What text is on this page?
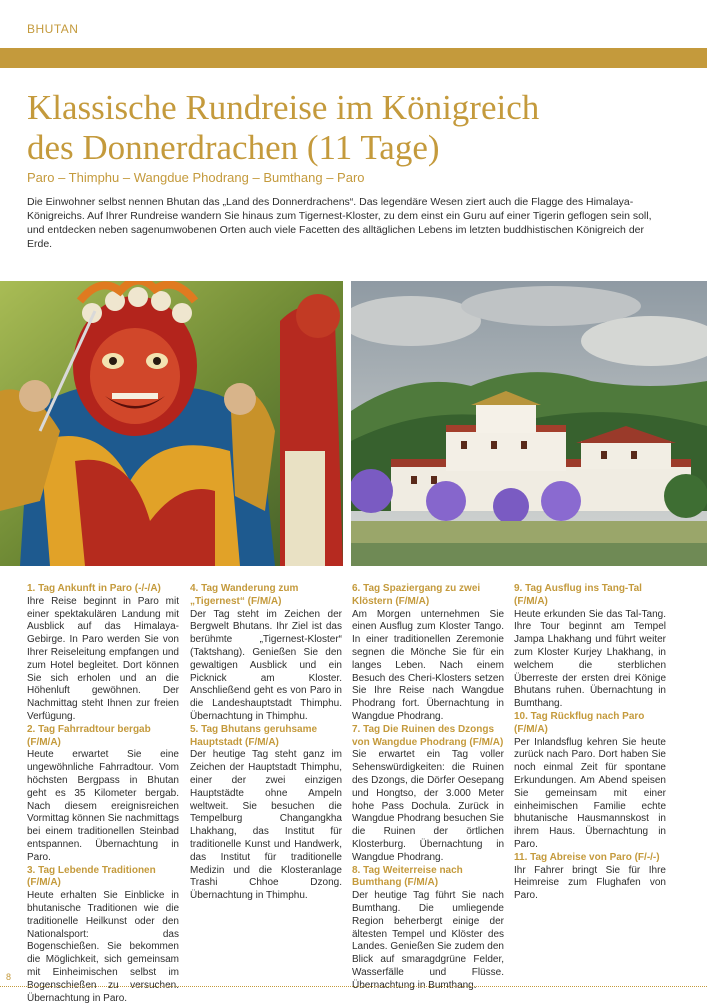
BHUTAN
Klassische Rundreise im Königreich
des Donnerdrachen (11 Tage)
Paro – Thimphu – Wangdue Phodrang – Bumthang – Paro

Die Einwohner selbst nennen Bhutan das „Land des Donnerdrachens“. Das legendäre Wesen ziert auch die Flagge des Himalaya-Königreichs. Auf Ihrer Rundreise wandern Sie hinaus zum Tigernest-Kloster, zu dem einst ein Guru auf einer Tigerin geflogen sein soll, und entdecken neben sagenumwobenen Orten auch viele Facetten des alltäglichen Lebens im letzten buddhistischen Königreich der Erde.

1. Tag Ankunft in Paro (-/-/A)
Ihre Reise beginnt in Paro mit einer spektakulären Landung mit Ausblick auf das Himalaya-Gebirge. In Paro werden Sie von Ihrer Reiseleitung empfangen und zum Hotel begleitet. Dort können Sie sich erholen und an die Höhenluft gewöhnen. Der Nachmittag steht Ihnen zur freien Verfügung.
2. Tag Fahrradtour bergab (F/M/A)
Heute erwartet Sie eine ungewöhnliche Fahrradtour. Vom höchsten Bergpass in Bhutan geht es 35 Kilometer bergab. Nach diesem ereignisreichen Vormittag können Sie nachmittags bei einem traditionellen Steinbad entspannen. Übernachtung in Paro.
3. Tag Lebende Traditionen (F/M/A)
Heute erhalten Sie Einblicke in bhutanische Traditionen wie die traditionelle Heilkunst oder den Nationalsport: das Bogenschießen. Sie bekommen die Möglichkeit, sich gemeinsam mit Einheimischen selbst im Bogenschießen zu versuchen. Übernachtung in Paro.
4. Tag Wanderung zum „Tigernest“ (F/M/A)
Der Tag steht im Zeichen der Bergwelt Bhutans. Ihr Ziel ist das berühmte „Tigernest-Kloster“ (Taktshang). Genießen Sie den gewaltigen Ausblick und ein Picknick am Kloster. Anschließend geht es von Paro in die Landeshauptstadt Thimphu. Übernachtung in Thimphu.
5. Tag Bhutans geruhsame Hauptstadt (F/M/A)
Der heutige Tag steht ganz im Zeichen der Hauptstadt Thimphu, einer der zwei einzigen Hauptstädte ohne Ampeln weltweit. Sie besuchen die Tempelburg Changangkha Lhakhang, das Institut für traditionelle Kunst und Handwerk, das Institut für traditionelle Medizin und die Klosteranlage Trashi Chhoe Dzong. Übernachtung in Thimphu.
6. Tag Spaziergang zu zwei Klöstern (F/M/A)
Am Morgen unternehmen Sie einen Ausflug zum Kloster Tango. In einer traditionellen Zeremonie segnen die Mönche Sie für ein langes Leben. Nach einem Besuch des Cheri-Klosters setzen Sie Ihre Reise nach Wangdue Phodrang fort. Übernachtung in Wangdue Phodrang.
7. Tag Die Ruinen des Dzongs von Wangdue Phodrang (F/M/A)
Sie erwartet ein Tag voller Sehenswürdigkeiten: die Ruinen des Dzongs, die Dörfer Oesepang und Hongtso, der 3.000 Meter hohe Pass Dochula. Zurück in Wangdue Phodrang besuchen Sie die Ruinen der örtlichen Klosterburg. Übernachtung in Wangdue Phodrang.
8. Tag Weiterreise nach Bumthang (F/M/A)
Der heutige Tag führt Sie nach Bumthang. Die umliegende Region beherbergt einige der ältesten Tempel und Klöster des Landes. Genießen Sie zudem den Blick auf smaragdgrüne Felder, Wasserfälle und Flüsse. Übernachtung in Bumthang.
9. Tag Ausflug ins Tang-Tal (F/M/A)
Heute erkunden Sie das Tal-Tang. Ihre Tour beginnt am Tempel Jampa Lhakhang und führt weiter zum Kloster Kurjey Lhakhang, in welchem die sterblichen Überreste der ersten drei Könige Bhutans ruhen. Übernachtung in Bumthang.
10. Tag Rückflug nach Paro (F/M/A)
Per Inlandsflug kehren Sie heute zurück nach Paro. Dort haben Sie noch einmal Zeit für spontane Erkundungen. Am Abend speisen Sie gemeinsam mit einer einheimischen Familie echte bhutanische Hausmannskost in ihrem Haus. Übernachtung in Paro.
11. Tag Abreise von Paro (F/-/-)
Ihr Fahrer bringt Sie für Ihre Heimreise zum Flughafen von Paro.
8
